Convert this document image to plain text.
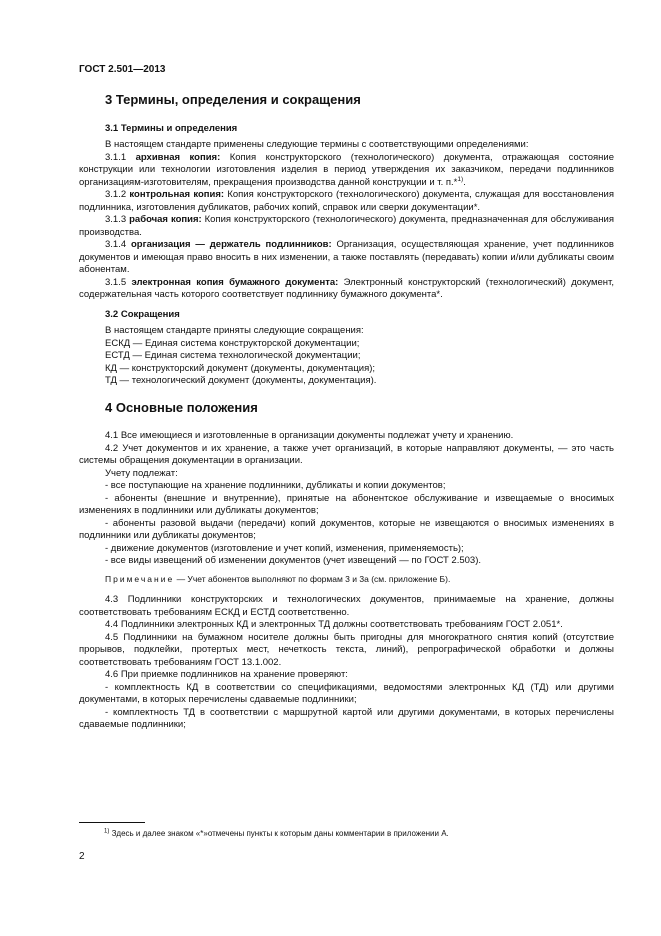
ГОСТ 2.501—2013
3 Термины, определения и сокращения
3.1 Термины и определения

В настоящем стандарте применены следующие термины с соответствующими определениями:

3.1.1 архивная копия: Копия конструкторского (технологического) документа, отражающая состояние конструкции или технологии изготовления изделия в период утверждения их заказчиком, передачи подлинников организациям-изготовителям, прекращения производства данной конструкции и т. п.*$^{1)}$.

3.1.2 контрольная копия: Копия конструкторского (технологического) документа, служащая для восстановления подлинника, изготовления дубликатов, рабочих копий, справок или сверки документации*.

3.1.3 рабочая копия: Копия конструкторского (технологического) документа, предназначенная для обслуживания производства.

3.1.4 организация — держатель подлинников: Организация, осуществляющая хранение, учет подлинников документов и имеющая право вносить в них изменении, а также поставлять (передавать) копии и/или дубликаты своим абонентам.

3.1.5 электронная копия бумажного документа: Электронный конструкторский (технологический) документ, содержательная часть которого соответствует подлиннику бумажного документа*.

3.2 Сокращения

В настоящем стандарте приняты следующие сокращения:

ЕСКД — Единая система конструкторской документации;

ЕСТД — Единая система технологической документации;

КД — конструкторский документ (документы, документация);

ТД — технологический документ (документы, документация).

4 Основные положения

4.1 Все имеющиеся и изготовленные в организации документы подлежат учету и хранению.

4.2 Учет документов и их хранение, а также учет организаций, в которые направляют документы, — это часть системы обращения документации в организации.

Учету подлежат:

- все поступающие на хранение подлинники, дубликаты и копии документов;

- абоненты (внешние и внутренние), принятые на абонентское обслуживание и извещаемые о вносимых изменениях в подлинники или дубликаты документов;

- абоненты разовой выдачи (передачи) копий документов, которые не извещаются о вносимых изменениях в подлинники или дубликаты документов;

- движение документов (изготовление и учет копий, изменения, применяемость);

- все виды извещений об изменении документов (учет извещений — по ГОСТ 2.503).

Примечание — Учет абонентов выполняют по формам 3 и 3а (см. приложение Б).

4.3 Подлинники конструкторских и технологических документов, принимаемые на хранение, должны соответствовать требованиям ЕСКД и ЕСТД соответственно.

4.4 Подлинники электронных КД и электронных ТД должны соответствовать требованиям ГОСТ 2.051*.

4.5 Подлинники на бумажном носителе должны быть пригодны для многократного снятия копий (отсутствие прорывов, подклейки, протертых мест, нечеткость текста, линий), репрографической обработки и должны соответствовать требованиям ГОСТ 13.1.002.

4.6 При приемке подлинников на хранение проверяют:

- комплектность КД в соответствии со спецификациями, ведомостями электронных КД (ТД) или другими документами, в которых перечислены сдаваемые подлинники;

- комплектность ТД в соответствии с маршрутной картой или другими документами, в которых перечислены сдаваемые подлинники;

$^{1)}$ Здесь и далее знаком «*»отмечены пункты к которым даны комментарии в приложении А.
2
